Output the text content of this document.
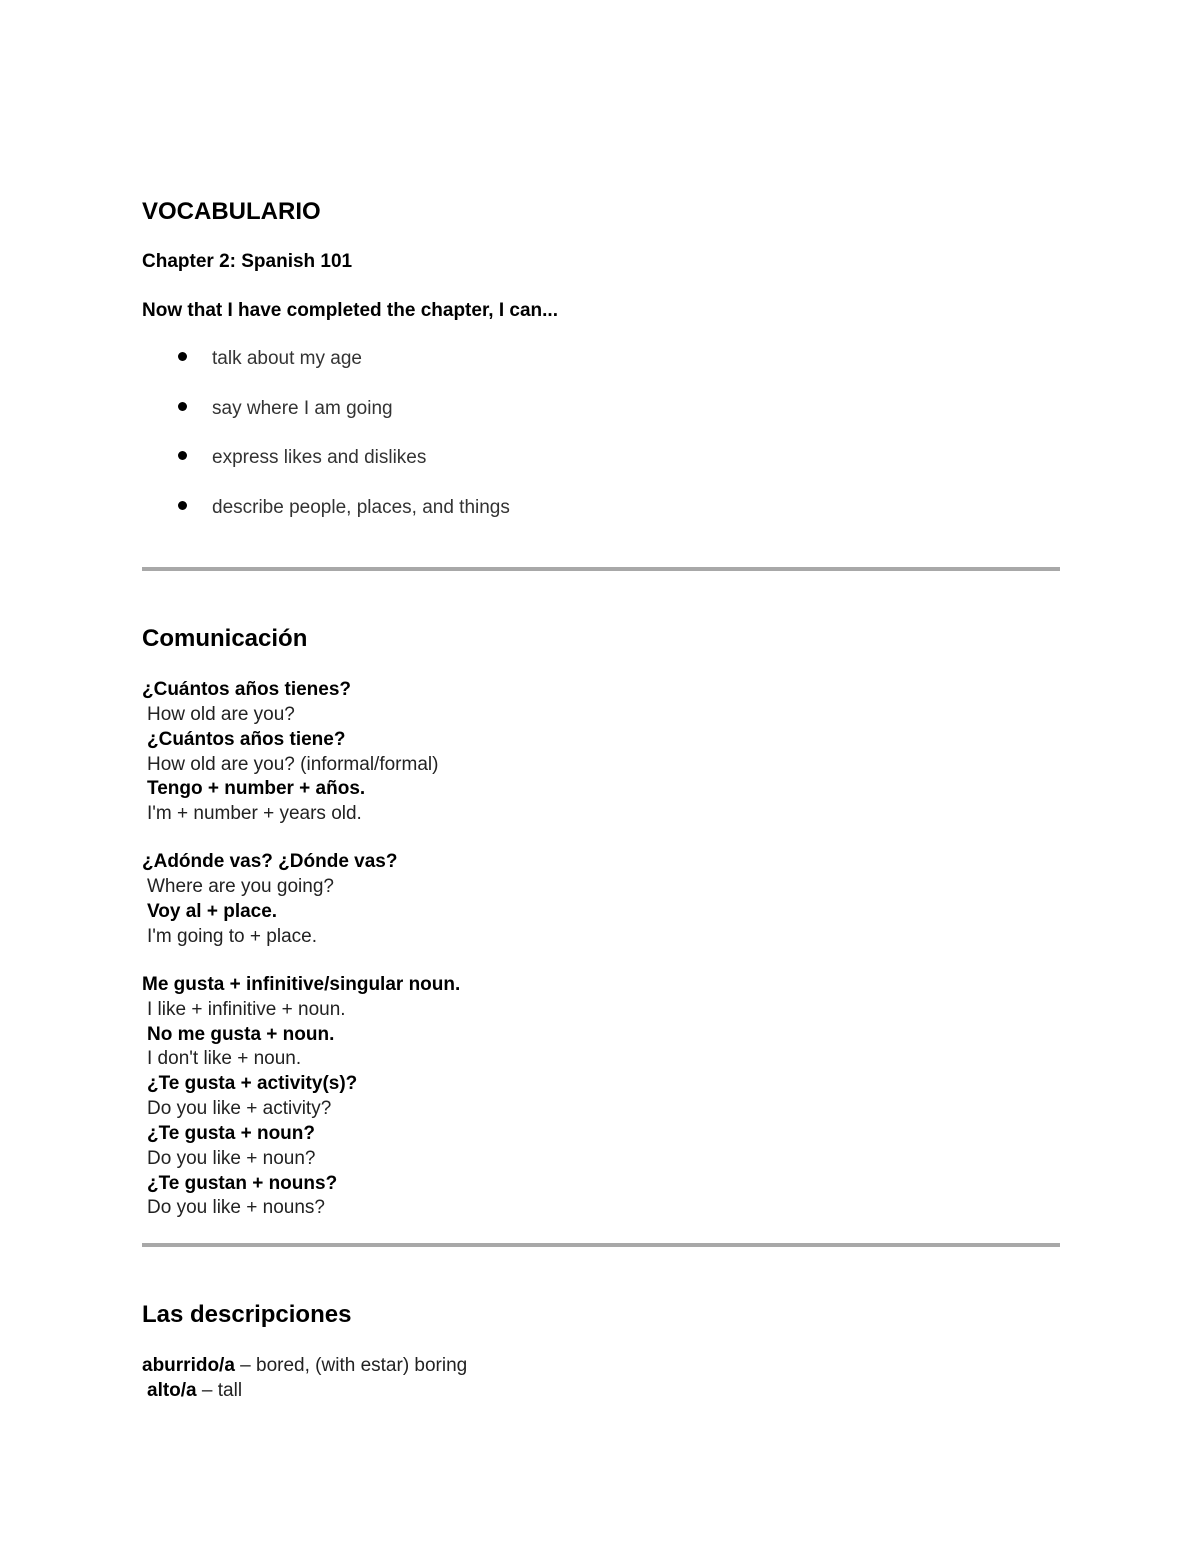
VOCABULARIO
Chapter 2: Spanish 101
Now that I have completed the chapter, I can...
talk about my age
say where I am going
express likes and dislikes
describe people, places, and things
Comunicación
¿Cuántos años tienes?
How old are you?
¿Cuántos años tiene?
How old are you? (informal/formal)
Tengo + number + años.
I'm + number + years old.
¿Adónde vas? ¿Dónde vas?
Where are you going?
Voy al + place.
I'm going to + place.
Me gusta + infinitive/singular noun.
I like + infinitive + noun.
No me gusta + noun.
I don't like + noun.
¿Te gusta + activity(s)?
Do you like + activity?
¿Te gusta + noun?
Do you like + noun?
¿Te gustan + nouns?
Do you like + nouns?
Las descripciones
aburrido/a – bored, (with estar) boring
alto/a – tall
